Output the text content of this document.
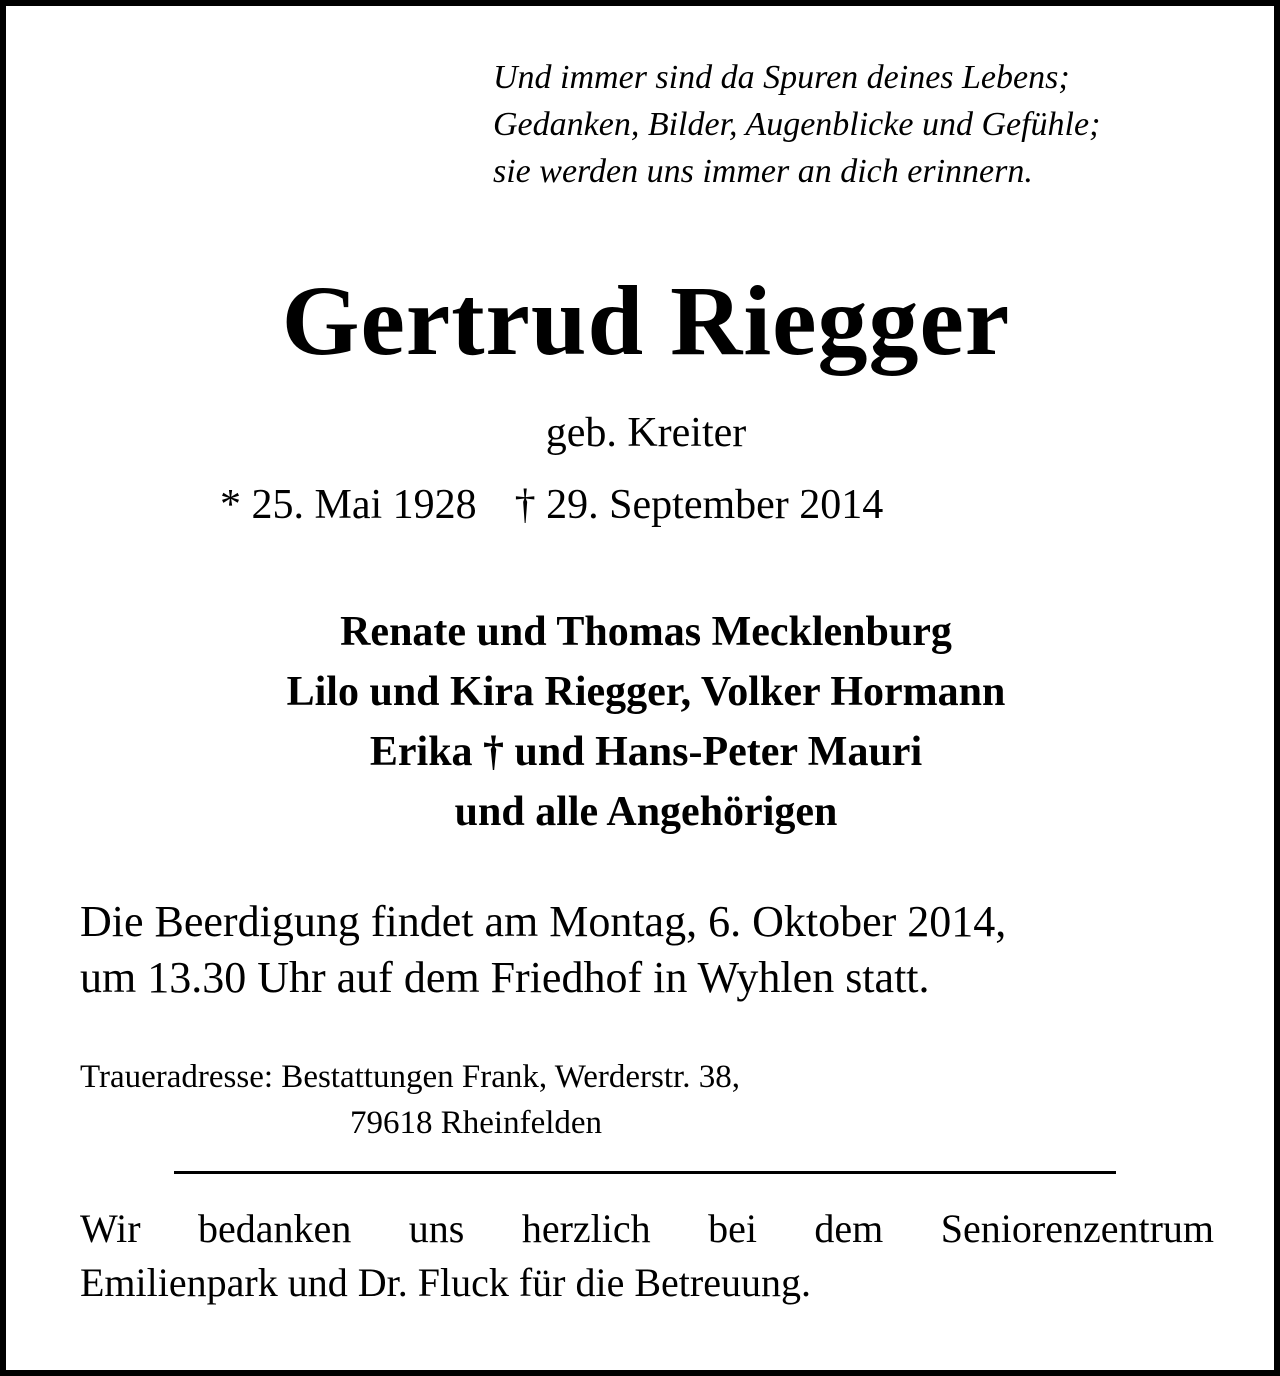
Und immer sind da Spuren deines Lebens;
Gedanken, Bilder, Augenblicke und Gefühle;
sie werden uns immer an dich erinnern.
Gertrud Riegger
geb. Kreiter
* 25. Mai 1928 † 29. September 2014
Renate und Thomas Mecklenburg
Lilo und Kira Riegger, Volker Hormann
Erika † und Hans-Peter Mauri
und alle Angehörigen
Die Beerdigung findet am Montag, 6. Oktober 2014,
um 13.30 Uhr auf dem Friedhof in Wyhlen statt.
Traueradresse: Bestattungen Frank, Werderstr. 38,
79618 Rheinfelden
Wir bedanken uns herzlich bei dem Seniorenzentrum
Emilienpark und Dr. Fluck für die Betreuung.
